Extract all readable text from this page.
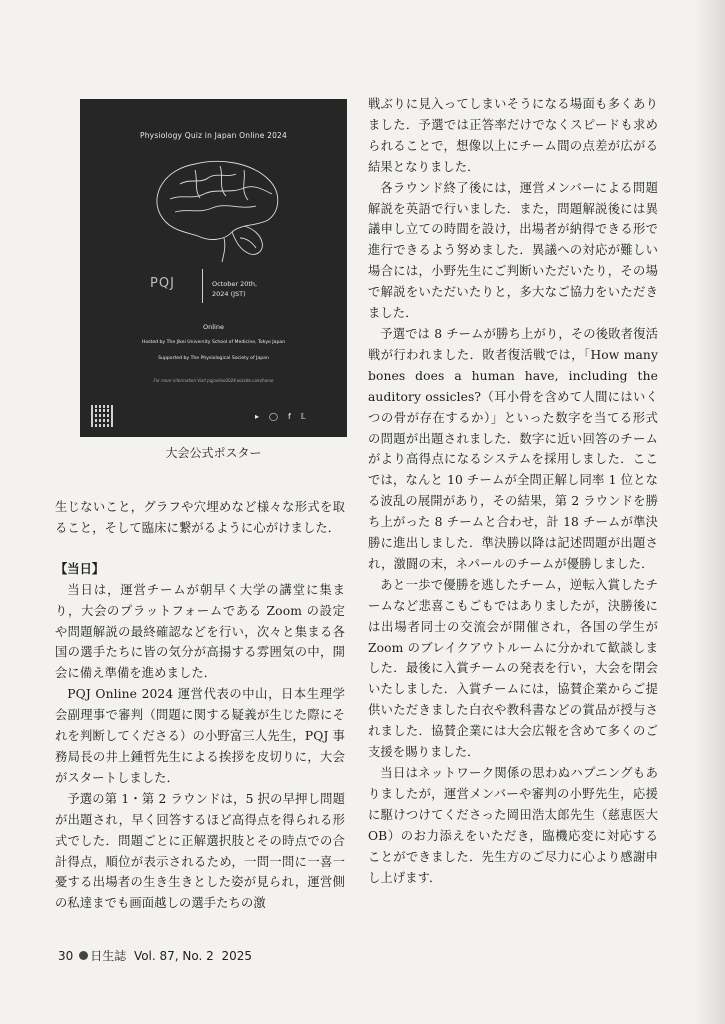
Physiology Quiz in Japan Online 2024
PQJ	October 20th,
2024 (JST)
Online
Hosted by The Jikei University School of Medicine, Tokyo Japan
Supported by The Physiological Society of Japan
For more information Visit pqjonline2024.wixsite.com/home
▸◯f𝕃
大会公式ポスター

生じないこと，グラフや穴埋めなど様々な形式を取ること，そして臨床に繋がるように心がけました．

【当日】

当日は，運営チームが朝早く大学の講堂に集まり，大会のプラットフォームである Zoom の設定や問題解説の最終確認などを行い，次々と集まる各国の選手たちに皆の気分が高揚する雰囲気の中，開会に備え準備を進めました．

PQJ Online 2024 運営代表の中山，日本生理学会副理事で審判（問題に関する疑義が生じた際にそれを判断してくださる）の小野富三人先生，PQJ 事務局長の井上鍾哲先生による挨拶を皮切りに，大会がスタートしました．

予選の第 1・第 2 ラウンドは，5 択の早押し問題が出題され，早く回答するほど高得点を得られる形式でした．問題ごとに正解選択肢とその時点での合計得点，順位が表示されるため，一問一問に一喜一憂する出場者の生き生きとした姿が見られ，運営側の私達までも画面越しの選手たちの激

戦ぶりに見入ってしまいそうになる場面も多くありました．予選では正答率だけでなくスピードも求められることで，想像以上にチーム間の点差が広がる結果となりました．

各ラウンド終了後には，運営メンバーによる問題解説を英語で行いました．また，問題解説後には異議申し立ての時間を設け，出場者が納得できる形で進行できるよう努めました．異議への対応が難しい場合には，小野先生にご判断いただいたり，その場で解説をいただいたりと，多大なご協力をいただきました．

予選では 8 チームが勝ち上がり，その後敗者復活戦が行われました．敗者復活戦では，「How many bones does a human have, including the auditory ossicles?（耳小骨を含めて人間にはいくつの骨が存在するか）」といった数字を当てる形式の問題が出題されました．数字に近い回答のチームがより高得点になるシステムを採用しました．ここでは，なんと 10 チームが全問正解し同率 1 位となる波乱の展開があり，その結果，第 2 ラウンドを勝ち上がった 8 チームと合わせ，計 18 チームが準決勝に進出しました．準決勝以降は記述問題が出題され，激闘の末，ネパールのチームが優勝しました．

あと一歩で優勝を逃したチーム，逆転入賞したチームなど悲喜こもごもではありましたが，決勝後には出場者同士の交流会が開催され，各国の学生が Zoom のブレイクアウトルームに分かれて歓談しました．最後に入賞チームの発表を行い，大会を閉会いたしました．入賞チームには，協賛企業からご提供いただきました白衣や教科書などの賞品が授与されました．協賛企業には大会広報を含めて多くのご支援を賜りました．

当日はネットワーク関係の思わぬハプニングもありましたが，運営メンバーや審判の小野先生，応援に駆けつけてくださった岡田浩太郎先生（慈恵医大 OB）のお力添えをいただき，臨機応変に対応することができました．先生方のご尽力に心より感謝申し上げます．

30 日生誌 Vol. 87, No. 2 2025
